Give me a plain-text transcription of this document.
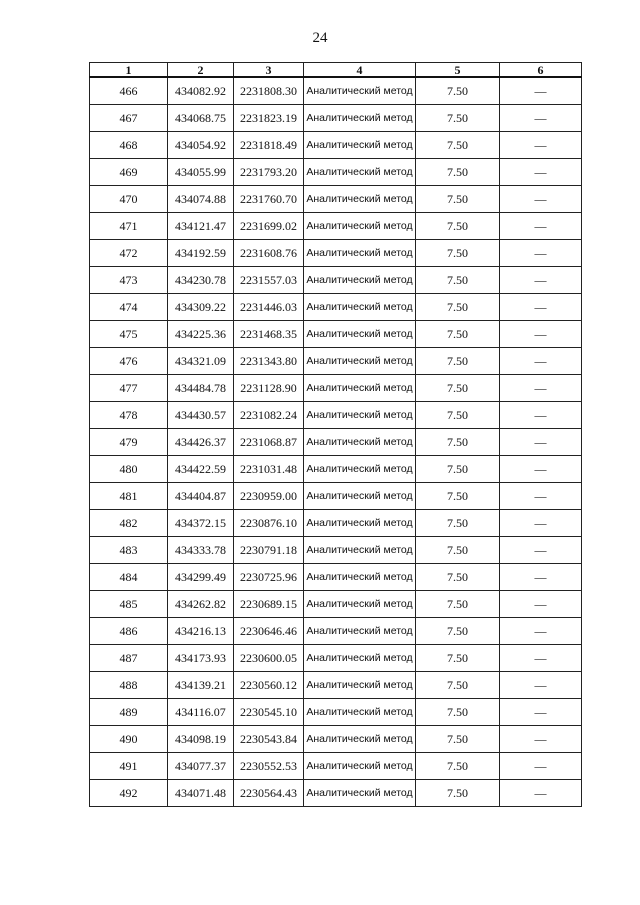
24
1	2	3	4	5	6
466	434082.92	2231808.30	Аналитический метод	7.50	—
467	434068.75	2231823.19	Аналитический метод	7.50	—
468	434054.92	2231818.49	Аналитический метод	7.50	—
469	434055.99	2231793.20	Аналитический метод	7.50	—
470	434074.88	2231760.70	Аналитический метод	7.50	—
471	434121.47	2231699.02	Аналитический метод	7.50	—
472	434192.59	2231608.76	Аналитический метод	7.50	—
473	434230.78	2231557.03	Аналитический метод	7.50	—
474	434309.22	2231446.03	Аналитический метод	7.50	—
475	434225.36	2231468.35	Аналитический метод	7.50	—
476	434321.09	2231343.80	Аналитический метод	7.50	—
477	434484.78	2231128.90	Аналитический метод	7.50	—
478	434430.57	2231082.24	Аналитический метод	7.50	—
479	434426.37	2231068.87	Аналитический метод	7.50	—
480	434422.59	2231031.48	Аналитический метод	7.50	—
481	434404.87	2230959.00	Аналитический метод	7.50	—
482	434372.15	2230876.10	Аналитический метод	7.50	—
483	434333.78	2230791.18	Аналитический метод	7.50	—
484	434299.49	2230725.96	Аналитический метод	7.50	—
485	434262.82	2230689.15	Аналитический метод	7.50	—
486	434216.13	2230646.46	Аналитический метод	7.50	—
487	434173.93	2230600.05	Аналитический метод	7.50	—
488	434139.21	2230560.12	Аналитический метод	7.50	—
489	434116.07	2230545.10	Аналитический метод	7.50	—
490	434098.19	2230543.84	Аналитический метод	7.50	—
491	434077.37	2230552.53	Аналитический метод	7.50	—
492	434071.48	2230564.43	Аналитический метод	7.50	—
